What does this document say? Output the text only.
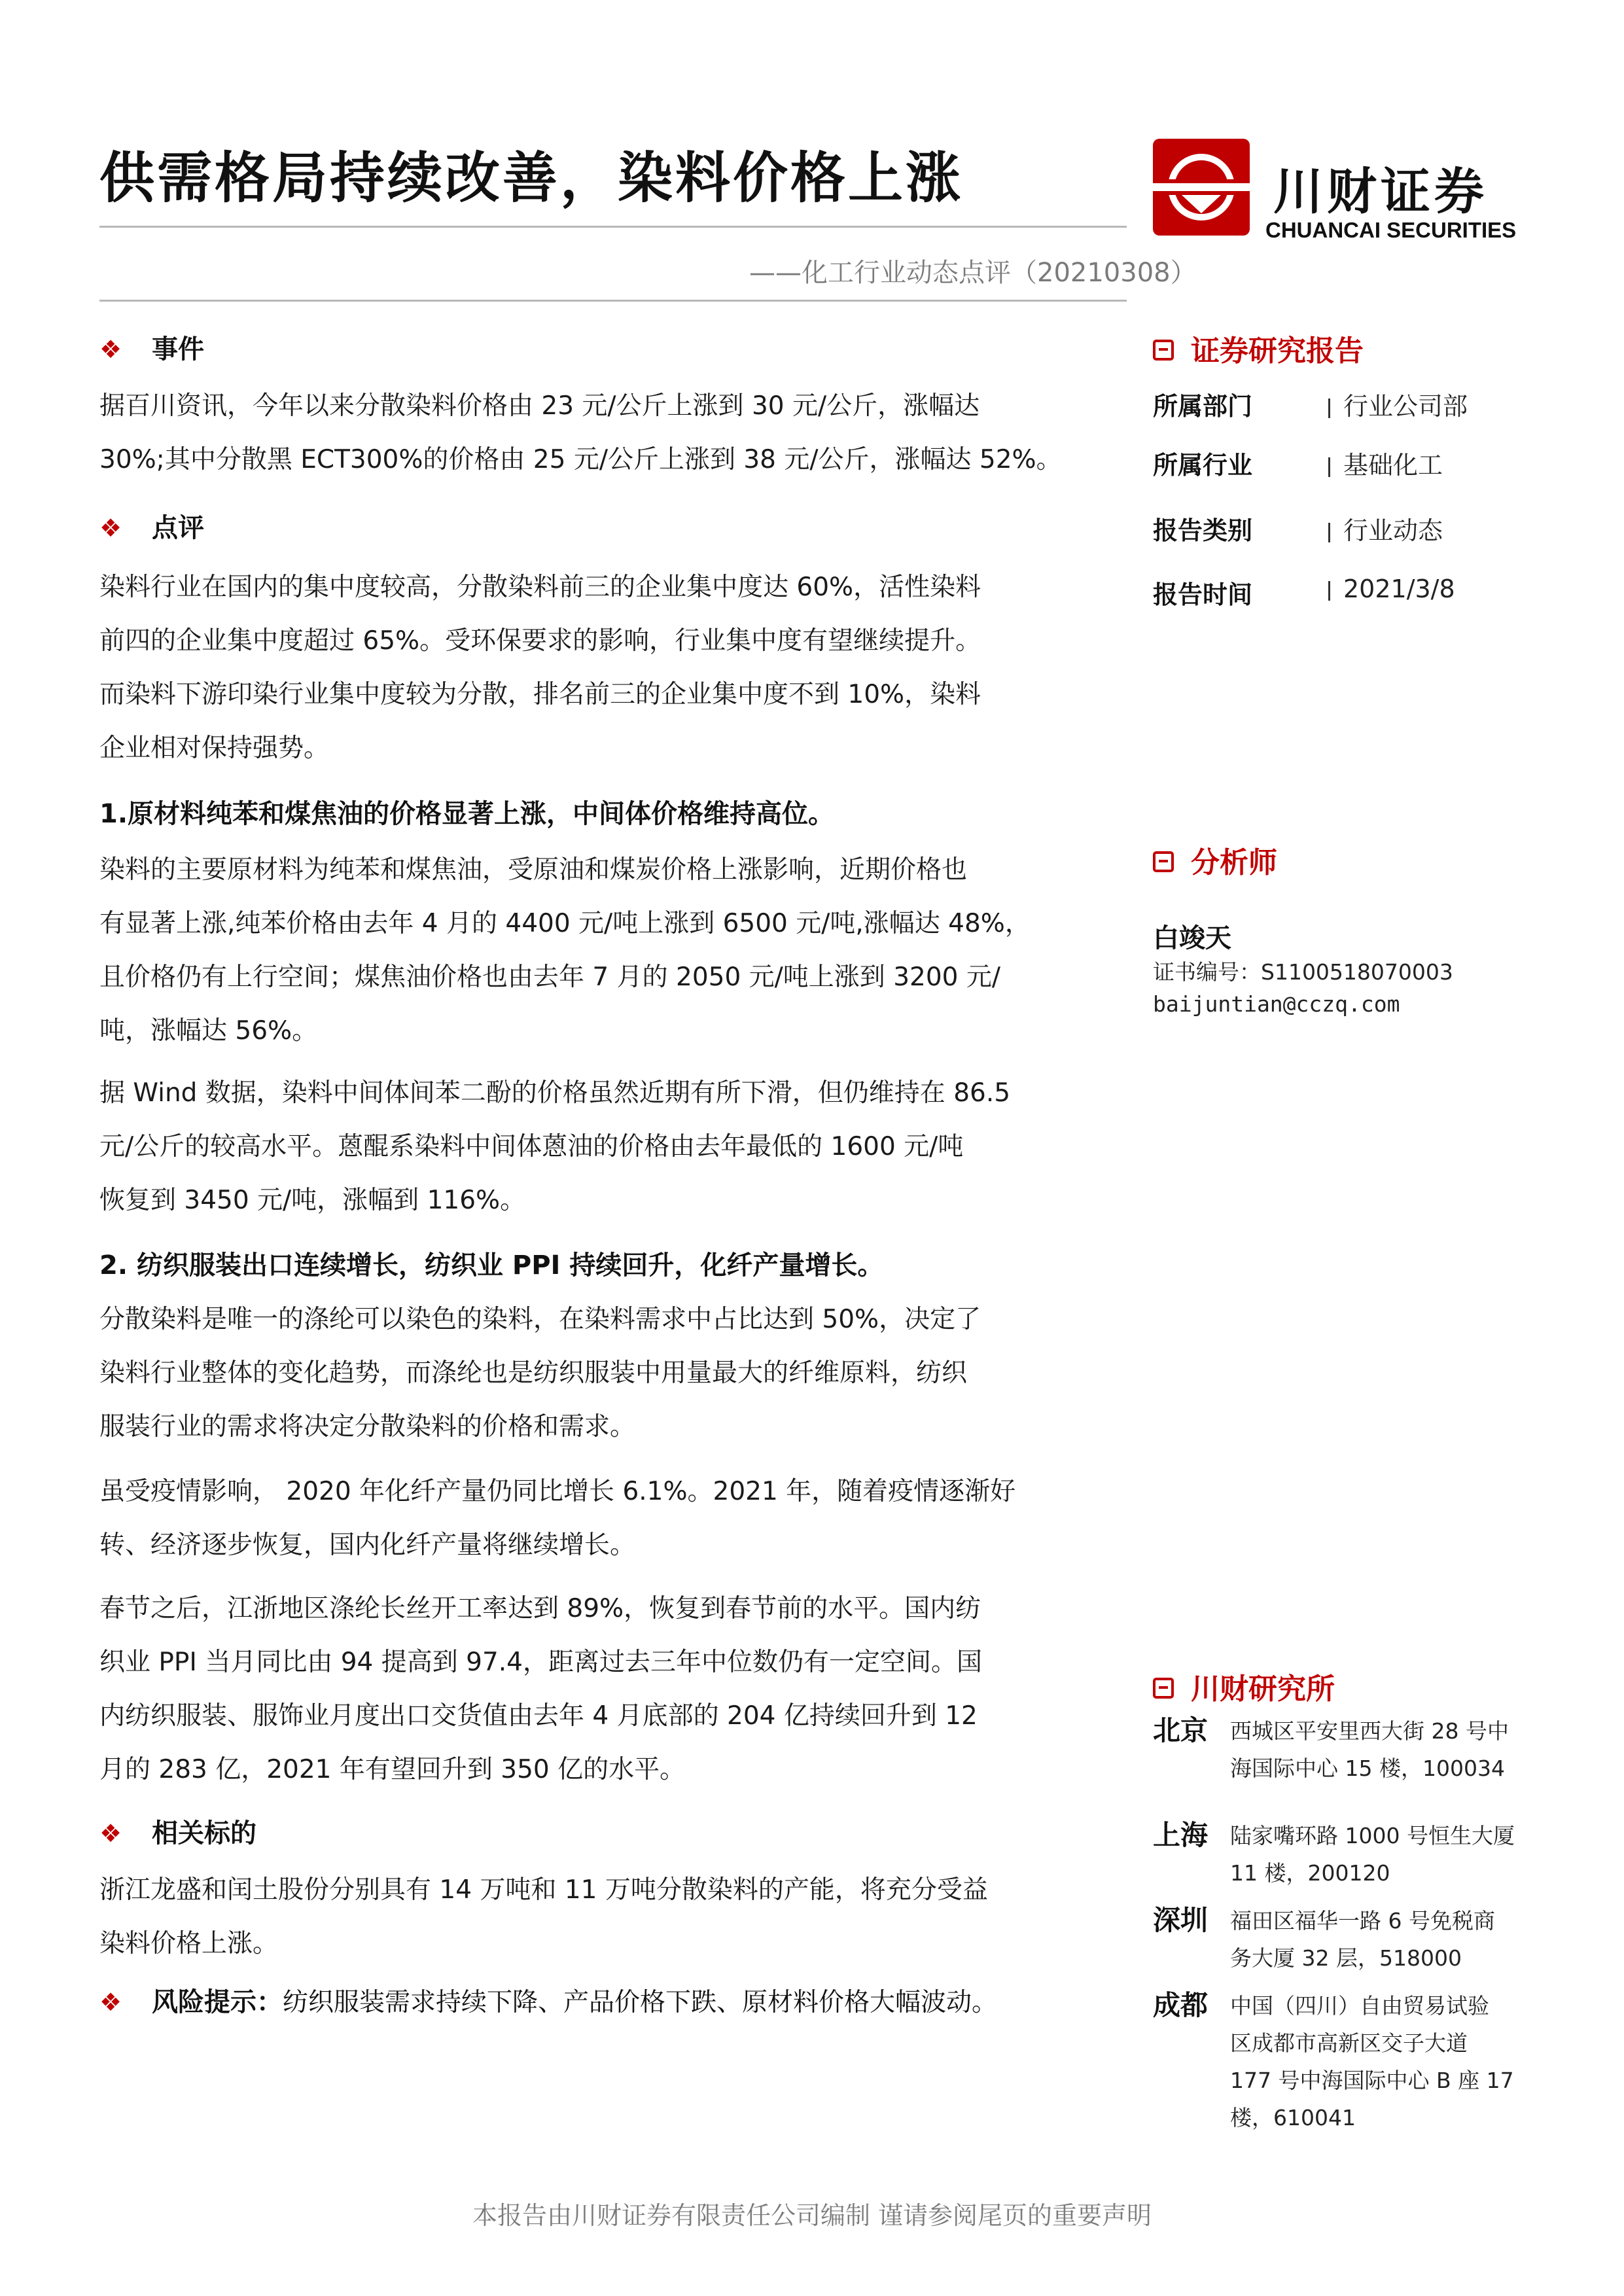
供需格局持续改善，染料价格上涨
——化工行业动态点评（20210308）
川财证券
CHUANCAI SECURITIES
❖ 事件
据百川资讯，今年以来分散染料价格由 23 元/公斤上涨到 30 元/公斤，涨幅达
30%;其中分散黑 ECT300%的价格由 25 元/公斤上涨到 38 元/公斤，涨幅达 52%。
❖ 点评
染料行业在国内的集中度较高，分散染料前三的企业集中度达 60%，活性染料
前四的企业集中度超过 65%。受环保要求的影响，行业集中度有望继续提升。
而染料下游印染行业集中度较为分散，排名前三的企业集中度不到 10%，染料
企业相对保持强势。
1.原材料纯苯和煤焦油的价格显著上涨，中间体价格维持高位。
染料的主要原材料为纯苯和煤焦油，受原油和煤炭价格上涨影响，近期价格也
有显著上涨,纯苯价格由去年 4 月的 4400 元/吨上涨到 6500 元/吨,涨幅达 48%，
且价格仍有上行空间；煤焦油价格也由去年 7 月的 2050 元/吨上涨到 3200 元/
吨，涨幅达 56%。
据 Wind 数据，染料中间体间苯二酚的价格虽然近期有所下滑，但仍维持在 86.5
元/公斤的较高水平。蒽醌系染料中间体蒽油的价格由去年最低的 1600 元/吨
恢复到 3450 元/吨，涨幅到 116%。
2. 纺织服装出口连续增长，纺织业 PPI 持续回升，化纤产量增长。
分散染料是唯一的涤纶可以染色的染料，在染料需求中占比达到 50%，决定了
染料行业整体的变化趋势，而涤纶也是纺织服装中用量最大的纤维原料，纺织
服装行业的需求将决定分散染料的价格和需求。
虽受疫情影响， 2020 年化纤产量仍同比增长 6.1%。2021 年，随着疫情逐渐好
转、经济逐步恢复，国内化纤产量将继续增长。
春节之后，江浙地区涤纶长丝开工率达到 89%，恢复到春节前的水平。国内纺
织业 PPI 当月同比由 94 提高到 97.4，距离过去三年中位数仍有一定空间。国
内纺织服装、服饰业月度出口交货值由去年 4 月底部的 204 亿持续回升到 12
月的 283 亿，2021 年有望回升到 350 亿的水平。
❖ 相关标的
浙江龙盛和闰土股份分别具有 14 万吨和 11 万吨分散染料的产能，将充分受益
染料价格上涨。
❖ 风险提示：纺织服装需求持续下降、产品价格下跌、原材料价格大幅波动。
证券研究报告
所属部门	行业公司部
所属行业	基础化工
报告类别	行业动态
报告时间	2021/3/8
分析师
白竣天
证书编号：S1100518070003
baijuntian@cczq.com
川财研究所
北京 西城区平安里西大街 28 号中
海国际中心 15 楼，100034
上海 陆家嘴环路 1000 号恒生大厦
11 楼，200120
深圳 福田区福华一路 6 号免税商
务大厦 32 层，518000
成都 中国（四川）自由贸易试验
区成都市高新区交子大道
177 号中海国际中心 B 座 17
楼，610041
本报告由川财证券有限责任公司编制 谨请参阅尾页的重要声明
